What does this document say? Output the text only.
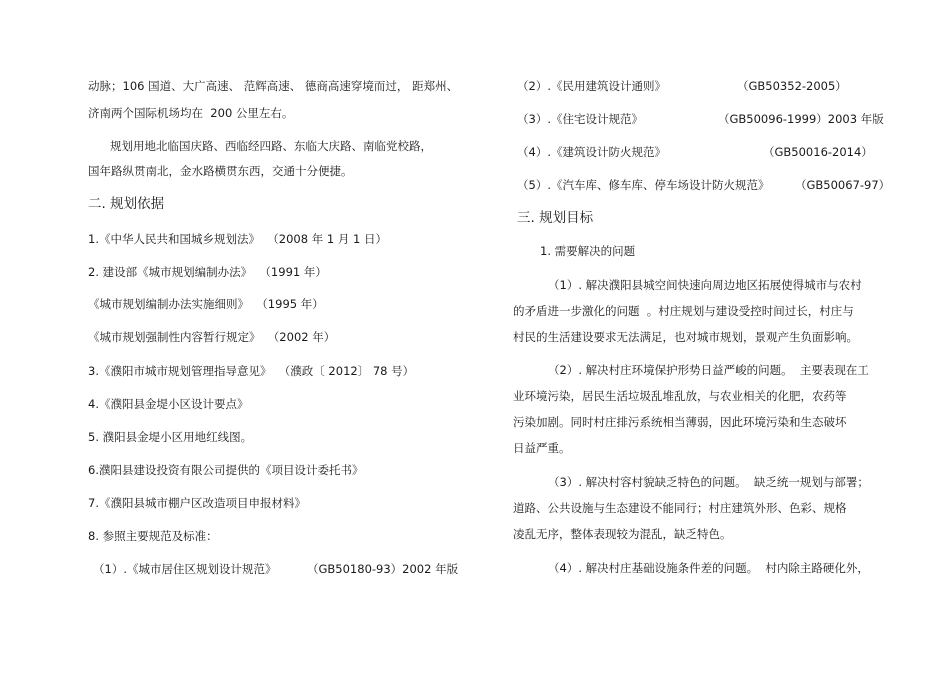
动脉；106 国道、大广高速、 范辉高速、 德商高速穿境而过， 距郑州、
济南两个国际机场均在  200 公里左右。
规划用地北临国庆路、西临经四路、东临大庆路、南临党校路，
国年路纵贯南北，金水路横贯东西，交通十分便捷。
二. 规划依据
1.《中华人民共和国城乡规划法》  （2008 年 1 月 1 日）
2. 建设部《城市规划编制办法》  （1991 年）
《城市规划编制办法实施细则》  （1995 年）
《城市规划强制性内容暂行规定》  （2002 年）
3.《濮阳市城市规划管理指导意见》  （濮政〔 2012〕 78 号）
4.《濮阳县金堤小区设计要点》
5. 濮阳县金堤小区用地红线图。
6.濮阳县建设投资有限公司提供的《项目设计委托书》
7.《濮阳县城市棚户区改造项目申报材料》
8. 参照主要规范及标准：
（1）.《城市居住区规划设计规范》	（GB50180-93）2002 年版
（2）.《民用建筑设计通则》	（GB50352-2005）
（3）.《住宅设计规范》	（GB50096-1999）2003 年版
（4）.《建筑设计防火规范》	（GB50016-2014）
（5）.《汽车库、修车库、停车场设计防火规范》 （GB50067-97）
三. 规划目标
1. 需要解决的问题
（1）. 解决濮阳县城空间快速向周边地区拓展使得城市与农村
的矛盾进一步激化的问题  。村庄规划与建设受控时间过长，村庄与
村民的生活建设要求无法满足，也对城市规划，景观产生负面影响。
（2）. 解决村庄环境保护形势日益严峻的问题。  主要表现在工
业环境污染，居民生活垃圾乱堆乱放，与农业相关的化肥，农药等
污染加剧。同时村庄排污系统相当薄弱，因此环境污染和生态破坏
日益严重。
（3）. 解决村容村貌缺乏特色的问题。  缺乏统一规划与部署；
道路、公共设施与生态建设不能同行；村庄建筑外形、色彩、规格
凌乱无序，整体表现较为混乱，缺乏特色。
（4）. 解决村庄基础设施条件差的问题。  村内除主路硬化外，
